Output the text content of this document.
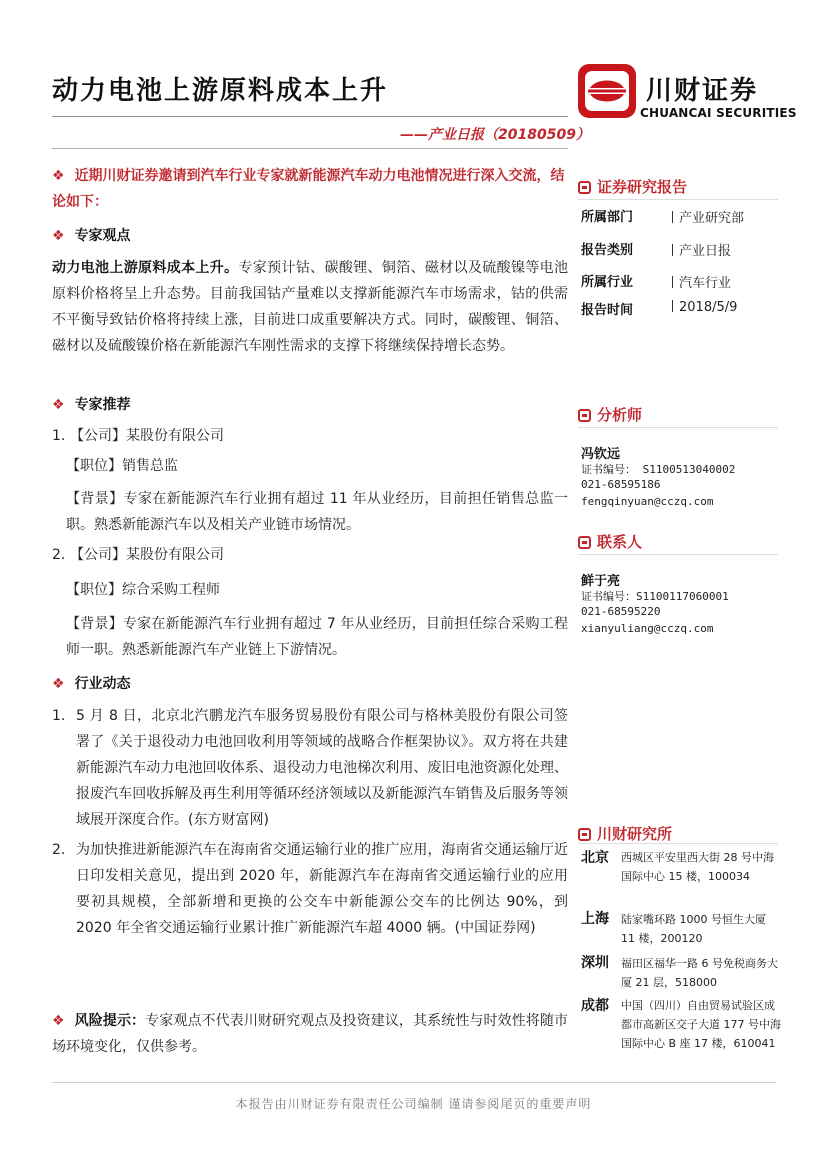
动力电池上游原料成本上升
——产业日报（20180509）
川财证券
CHUANCAI SECURITIES
❖ 近期川财证券邀请到汽车行业专家就新能源汽车动力电池情况进行深入交流，结论如下：
❖ 专家观点
动力电池上游原料成本上升。专家预计钴、碳酸锂、铜箔、磁材以及硫酸镍等电池原料价格将呈上升态势。目前我国钴产量难以支撑新能源汽车市场需求，钴的供需不平衡导致钴价格将持续上涨，目前进口成重要解决方式。同时，碳酸锂、铜箔、磁材以及硫酸镍价格在新能源汽车刚性需求的支撑下将继续保持增长态势。
❖ 专家推荐
1. 【公司】某股份有限公司
【职位】销售总监
【背景】专家在新能源汽车行业拥有超过 11 年从业经历，目前担任销售总监一职。熟悉新能源汽车以及相关产业链市场情况。
2. 【公司】某股份有限公司
【职位】综合采购工程师
【背景】专家在新能源汽车行业拥有超过 7 年从业经历，目前担任综合采购工程师一职。熟悉新能源汽车产业链上下游情况。
❖ 行业动态
1. 5 月 8 日，北京北汽鹏龙汽车服务贸易股份有限公司与格林美股份有限公司签署了《关于退役动力电池回收利用等领域的战略合作框架协议》。双方将在共建新能源汽车动力电池回收体系、退役动力电池梯次利用、废旧电池资源化处理、报废汽车回收拆解及再生利用等循环经济领域以及新能源汽车销售及后服务等领域展开深度合作。(东方财富网)
2. 为加快推进新能源汽车在海南省交通运输行业的推广应用，海南省交通运输厅近日印发相关意见，提出到 2020 年，新能源汽车在海南省交通运输行业的应用要初具规模，全部新增和更换的公交车中新能源公交车的比例达 90%，到 2020 年全省交通运输行业累计推广新能源汽车超 4000 辆。(中国证券网)
❖ 风险提示：专家观点不代表川财研究观点及投资建议，其系统性与时效性将随市场环境变化，仅供参考。
证券研究报告
所属部门	产业研究部
报告类别	产业日报
所属行业	汽车行业
报告时间	2018/5/9
分析师
冯钦远
证书编号： S1100513040002
021-68595186
fengqinyuan@cczq.com
联系人
鲜于亮
证书编号：S1100117060001
021-68595220
xianyuliang@cczq.com
川财研究所
北京 西城区平安里西大街 28 号中海国际中心 15 楼，100034
上海 陆家嘴环路 1000 号恒生大厦 11 楼，200120
深圳 福田区福华一路 6 号免税商务大厦 21 层，518000
成都 中国（四川）自由贸易试验区成都市高新区交子大道 177 号中海国际中心 B 座 17 楼，610041
本报告由川财证券有限责任公司编制 谨请参阅尾页的重要声明
